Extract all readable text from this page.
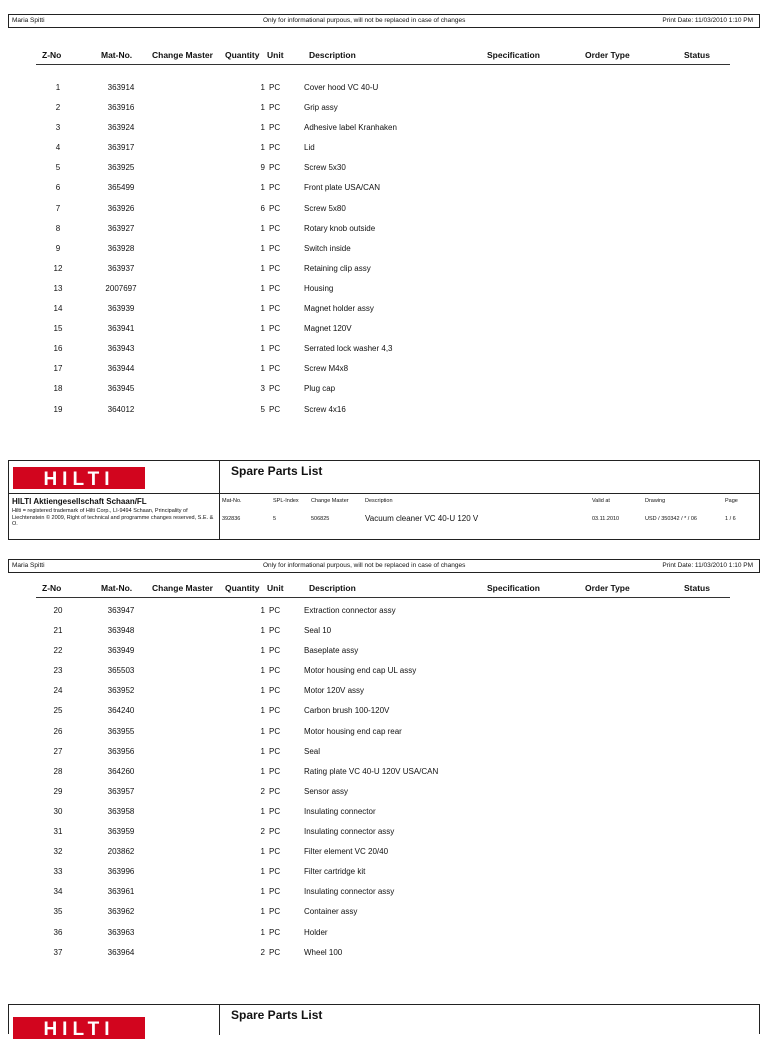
Maria Spitti	Only for informational purpous, will not be replaced in case of changes	Print Date: 11/03/2010 1:10 PM
Z-No	Mat-No. Change Master Quantity Unit	Description	Specification	Order Type	Status
1	363914	1 PC	Cover hood VC 40-U
2	363916	1 PC	Grip assy
3	363924	1 PC	Adhesive label Kranhaken
4	363917	1 PC	Lid
5	363925	9 PC	Screw 5x30
6	365499	1 PC	Front plate USA/CAN
7	363926	6 PC	Screw 5x80
8	363927	1 PC	Rotary knob outside
9	363928	1 PC	Switch inside
12	363937	1 PC	Retaining clip assy
13	2007697	1 PC	Housing
14	363939	1 PC	Magnet holder assy
15	363941	1 PC	Magnet 120V
16	363943	1 PC	Serrated lock washer 4,3
17	363944	1 PC	Screw M4x8
18	363945	3 PC	Plug cap
19	364012	5 PC	Screw 4x16
HILTI	Spare Parts List
HILTI Aktiengesellschaft Schaan/FL
Hilti = registered trademark of Hilti Corp., LI-9494 Schaan, Principality of Liechtenstein © 2009, Right of technical and programme changes reserved, S.E. & O.
Mat-No.	SPL-Index Change Master	Description	Valid at	Drawing	Page
392836	5	506825	Vacuum cleaner VC 40-U 120 V	03.11.2010	USD / 350342 / * / 06	1 / 6
Maria Spitti	Only for informational purpous, will not be replaced in case of changes	Print Date: 11/03/2010 1:10 PM
Z-No	Mat-No. Change Master Quantity Unit	Description	Specification	Order Type	Status
20	363947	1 PC	Extraction connector assy
21	363948	1 PC	Seal 10
22	363949	1 PC	Baseplate assy
23	365503	1 PC	Motor housing end cap UL assy
24	363952	1 PC	Motor 120V assy
25	364240	1 PC	Carbon brush 100-120V
26	363955	1 PC	Motor housing end cap rear
27	363956	1 PC	Seal
28	364260	1 PC	Rating plate VC 40-U 120V USA/CAN
29	363957	2 PC	Sensor assy
30	363958	1 PC	Insulating connector
31	363959	2 PC	Insulating connector assy
32	203862	1 PC	Filter element VC 20/40
33	363996	1 PC	Filter cartridge kit
34	363961	1 PC	Insulating connector assy
35	363962	1 PC	Container assy
36	363963	1 PC	Holder
37	363964	2 PC	Wheel 100
HILTI
Spare Parts List
